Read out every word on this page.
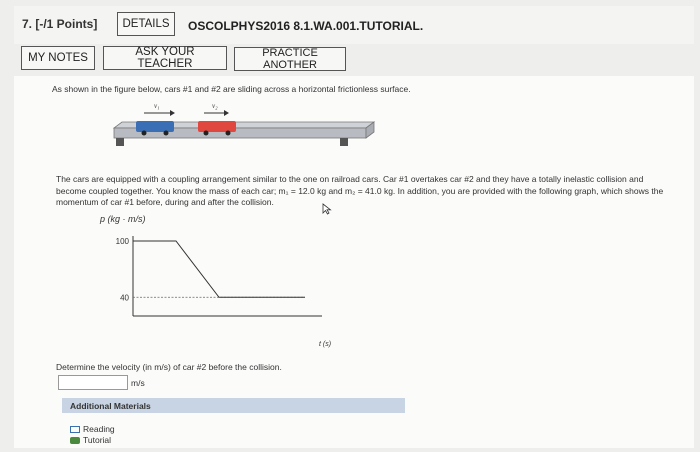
7. [-/1 Points]	DETAILS	OSCOLPHYS2016 8.1.WA.001.TUTORIAL.
MY NOTES	ASK YOUR TEACHER
PRACTICE ANOTHER
As shown in the figure below, cars #1 and #2 are sliding across a horizontal frictionless surface.
v₁	v₂
The cars are equipped with a coupling arrangement similar to the one on railroad cars. Car #1 overtakes car #2 and they have a totally inelastic collision and become coupled together. You know the mass of each car; m₁ = 12.0 kg and m₂ = 41.0 kg. In addition, you are provided with the following graph, which shows the momentum of car #1 before, during and after the collision.
p (kg · m/s)
100
40
t (s)
Determine the velocity (in m/s) of car #2 before the collision.
m/s
Additional Materials
Reading
Tutorial
